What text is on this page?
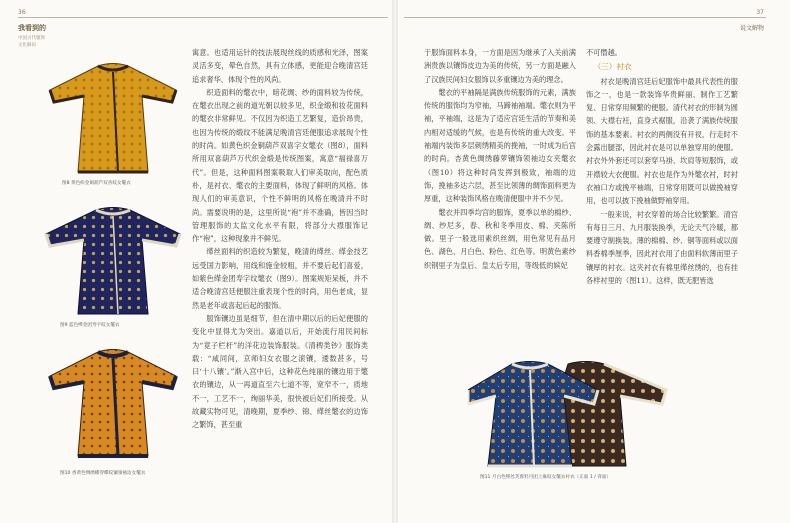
36
我看到的
中国古代服饰
文化解码
图8 黄色织金铜葫芦双喜纹女氅衣
图9 蓝色缂金团寿字纹女氅衣
图10 香黄色绸绣蝶穿蝶纹镶领袖边女氅衣

寓意。也适用运针的技法展现丝线的质感和光泽，图案灵活多变，晕色自然，具有立体感，更能迎合晚清宫廷追求奢华、体现个性的风尚。

织造面料的氅衣中，暗花绸、纱的面料较为传统，在氅衣出现之前的道光朝以较多见，织金缎和妆花面料的氅衣非常鲜见。不仅因为织造工艺繁复，造价昂贵，也因为传统的缎纹不能满足晚清宫廷便服追求展现个性的时尚。如黄色织金铜葫芦双喜字女氅衣（图8），面料所用双喜葫芦万代织金缎是传统图案，寓意“福禄喜万代”。但是，这种面料图案吸取人们审美取向，配色质朴，是衬衣、氅衣的主要面料，体现了鲜明的风格。体现人们的审美意识，个性不鲜明的风格在晚清并不时尚。需要说明的是，这里所说“袍”并不准确，皆因当时管理服饰的太监文化水平有限，将部分大襟服饰记作“袍”，这种现象并不鲜见。

缂丝面料的织造较为繁复，晚清的缂丝、缂金技艺远受国力影响，用线和施金较粗，并不要后起们喜爱，如紫色缂金团寿字纹氅衣（图9）。图案规矩呆板，并不适合晚清宫廷便服注重表现个性的时尚，用色老成，显然是老年或喜起后起的服饰。

服饰镶边虽是细节，但在清中期以后的后妃便服的变化中显得尤为突出。嘉道以后，开始流行用民间标为“竟子栏杆”的洋花边装饰服装。《清稗类钞》服饰类载：“咸同间，京师妇女衣服之滚镶，逶数甚多，号曰‘十八镶’。”渐入宫中后，这种花色纯丽的镶边用于氅衣的镶边，从一再道直至六七道不等，宽窄不一，质地不一，工艺不一，绚丽华美，很快被后妃们所接受。从故藏实物可见，清晚期，夏季纱、锦、缂丝氅衣的边饰之繁饰，甚至重

37
说文解物

于服饰面料本身，一方面是因为继承了入关前满洲贵族以镶饰皮边为美的传统，另一方面是融入了汉族民间妇女服饰以多重镶边为美的理念。

氅衣的平袖隔是满族传统服饰的元素，满族传统的服饰均为窄袖，马蹄袖袖端。氅衣则为平袖，平袖端，这是为了适应宫廷生活的节奏和美内相对适缓的气候，也是有传统的重大改变。平袖端内装饰多层刺绣精美的挽袖，一时成为后宫的时尚。杏黄色绸绣藤萝镶饰领袖边女夹氅衣（图10）将这种时尚发挥到极致，袖端的边饰，挽袖多达六层，甚至比领薄的绸饰面料更为厚重，这种装饰风格在晚清便服中并不少见。

氅衣并四季均宫的服饰，夏季以单的棉纱、绸、纱尼多，春、秋和冬季用皮、棉、夹陈所做。里子一般选用素织丝绸，用色常见有品月色、湖色、月白色、粉色、红色等。明黄色素纱织钢里子为皇后、皇太后专用，等级低的嫔妃

不可僭越。

（三）衬衣

衬衣是晚清宫廷后妃服饰中最具代表性的服饰之一，也是一款装饰华贵鲜丽、制作工艺繁复、日常穿用频繁的便服。清代衬衣的形制为圆领、大襟右衽，直身式裾服，沿袭了满族传统服饰的基本要素。衬衣的两侧没有开衩，行走时不会露出腿部，因此衬衣是可以单独穿用的便服。衬衣外外套还可以套穿马褂、坎肩等短服饰，或开襟较大衣便服。衬衣也是作为外氅衣衬，时衬衣袖口方或挽平袖端，日常穿用既可以做挽袖穿用，也可以披下挽袖做野袖穿用。

一般来说，衬衣穿着的场合比较繁繁。清宫有每日三月、九月服装换季，无论天气冷暖，都要遵守制换装。薄的棉棉、纱、铜等面料或以面料香棉季厘季，因此衬衣用了由面料软薄而里子镶厚的衬衣。这夹衬衣有棉里缂丝绣的，也有挂各样衬里的（图11）。这样，既无肥皆选

图11 月白色缂丝芙蓉牡丹团上麻纹女氅衣衬衣（正面 1 / 背面）
